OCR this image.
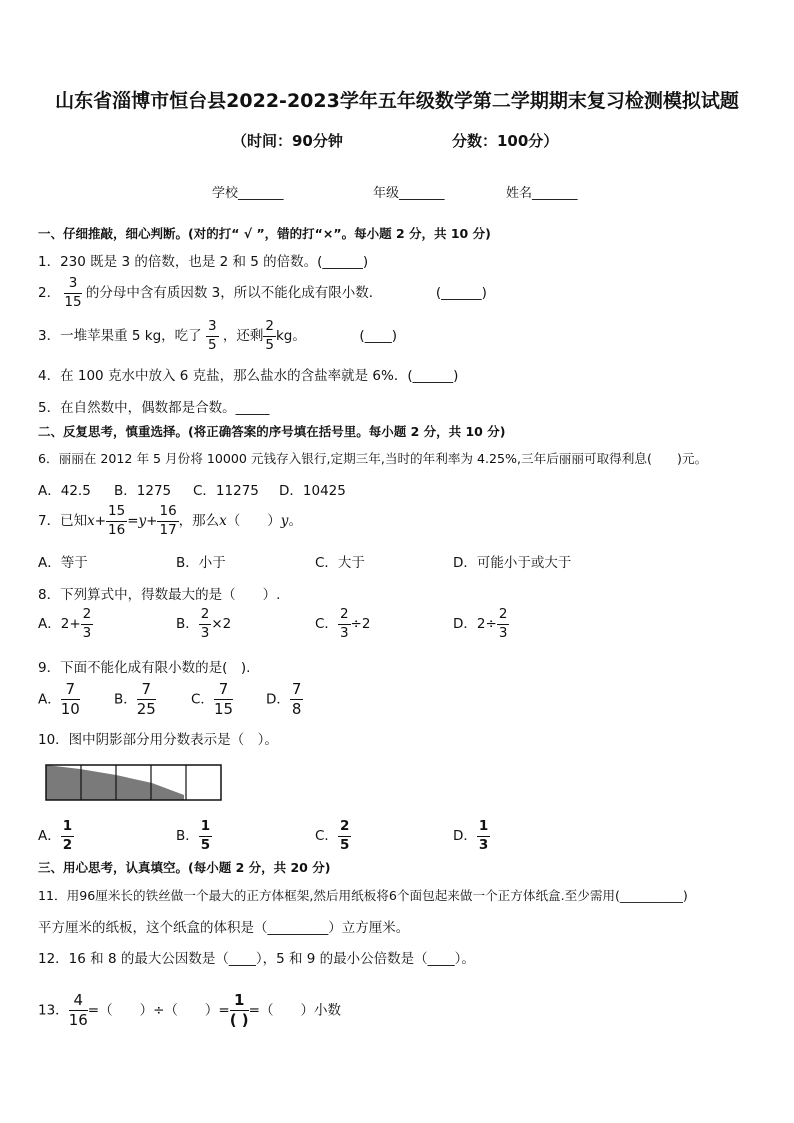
山东省淄博市恒台县2022-2023学年五年级数学第二学期期末复习检测模拟试题
（时间：90分钟	分数：100分）
学校_______	年级_______	姓名_______
一、仔细推敲，细心判断。(对的打“ √ ”，错的打“×”。每小题 2 分，共 10 分)
1．230 既是 3 的倍数，也是 2 和 5 的倍数。(______)
2． $\frac{3}{15}$ 的分母中含有质因数 3，所以不能化成有限小数．	(______)
3．一堆苹果重 5 kg，吃了 $\frac{3}{5}$ ，还剩 $\frac{2}{5}$ kg。	(____)
4．在 100 克水中放入 6 克盐，那么盐水的含盐率就是 6%．(______)
5．在自然数中，偶数都是合数。_____
二、反复思考，慎重选择。(将正确答案的序号填在括号里。每小题 2 分，共 10 分)
6．丽丽在 2012 年 5 月份将 10000 元钱存入银行,定期三年,当时的年利率为 4.25%,三年后丽丽可取得利息(　　)元。
A．42.5 B．1275 C．11275 D．10425
7．已知$x+ \frac{15}{16} =y+ \frac{16}{17}$ ，那么x（　　）y。
A．等于	B．小于	C．大于	D．可能小于或大于
8．下列算式中，得数最大的是（　　）.
A．$2+ \frac{2}{3}$	B． $\frac{2}{3} \times 2$	C． $\frac{2}{3} \div 2$	D．$2\div \frac{2}{3}$
9．下面不能化成有限小数的是(　).
A． $\frac{7}{10}$	B． $\frac{7}{25}$	C． $\frac{7}{15}$ D． $\frac{7}{8}$
10．图中阴影部分用分数表示是（　）。
A． $\frac{1}{2}$	B． $\frac{1}{5}$	C． $\frac{2}{5}$	D． $\frac{1}{3}$
三、用心思考，认真填空。(每小题 2 分，共 20 分)
11．用96厘米长的铁丝做一个最大的正方体框架,然后用纸板将6个面包起来做一个正方体纸盒.至少需用(__________)
平方厘米的纸板，这个纸盒的体积是（_________）立方厘米。
12．16 和 8 的最大公因数是（____），5 和 9 的最小公倍数是（____）。
13． $\frac{4}{16}$ =（　　）÷（　　）= $\frac{1}{( )}$ =（　　）小数
